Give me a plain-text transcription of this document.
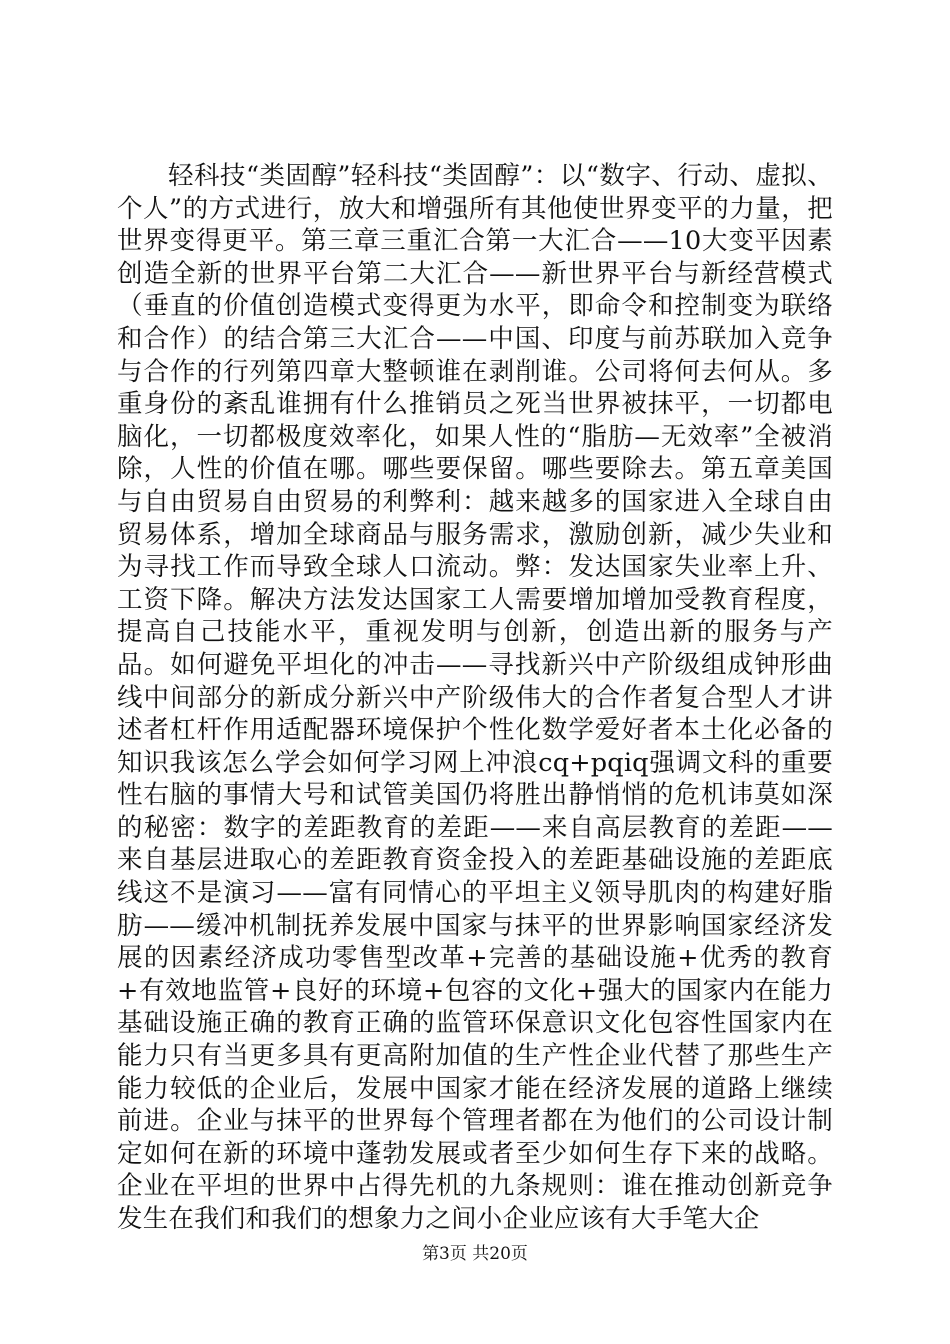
轻科技“类固醇”轻科技“类固醇”：以“数字、行动、虚拟、个人”的方式进行，放大和增强所有其他使世界变平的力量，把世界变得更平。第三章三重汇合第一大汇合——10大变平因素创造全新的世界平台第二大汇合——新世界平台与新经营模式（垂直的价值创造模式变得更为水平，即命令和控制变为联络和合作）的结合第三大汇合——中国、印度与前苏联加入竞争与合作的行列第四章大整顿谁在剥削谁。公司将何去何从。多重身份的紊乱谁拥有什么推销员之死当世界被抹平，一切都电脑化，一切都极度效率化，如果人性的“脂肪—无效率”全被消除，人性的价值在哪。哪些要保留。哪些要除去。第五章美国与自由贸易自由贸易的利弊利：越来越多的国家进入全球自由贸易体系，增加全球商品与服务需求，激励创新，减少失业和为寻找工作而导致全球人口流动。弊：发达国家失业率上升、工资下降。解决方法发达国家工人需要增加增加受教育程度，提高自己技能水平，重视发明与创新，创造出新的服务与产品。如何避免平坦化的冲击——寻找新兴中产阶级组成钟形曲线中间部分的新成分新兴中产阶级伟大的合作者复合型人才讲述者杠杆作用适配器环境保护个性化数学爱好者本土化必备的知识我该怎么学会如何学习网上冲浪cq+pqiq强调文科的重要性右脑的事情大号和试管美国仍将胜出静悄悄的危机讳莫如深的秘密：数字的差距教育的差距——来自高层教育的差距——来自基层进取心的差距教育资金投入的差距基础设施的差距底线这不是演习——富有同情心的平坦主义领导肌肉的构建好脂肪——缓冲机制抚养发展中国家与抹平的世界影响国家经济发展的因素经济成功零售型改革+完善的基础设施+优秀的教育+有效地监管+良好的环境+包容的文化+强大的国家内在能力基础设施正确的教育正确的监管环保意识文化包容性国家内在能力只有当更多具有更高附加值的生产性企业代替了那些生产能力较低的企业后，发展中国家才能在经济发展的道路上继续前进。企业与抹平的世界每个管理者都在为他们的公司设计制定如何在新的环境中蓬勃发展或者至少如何生存下来的战略。企业在平坦的世界中占得先机的九条规则：谁在推动创新竞争发生在我们和我们的想象力之间小企业应该有大手笔大企
第3页 共20页
